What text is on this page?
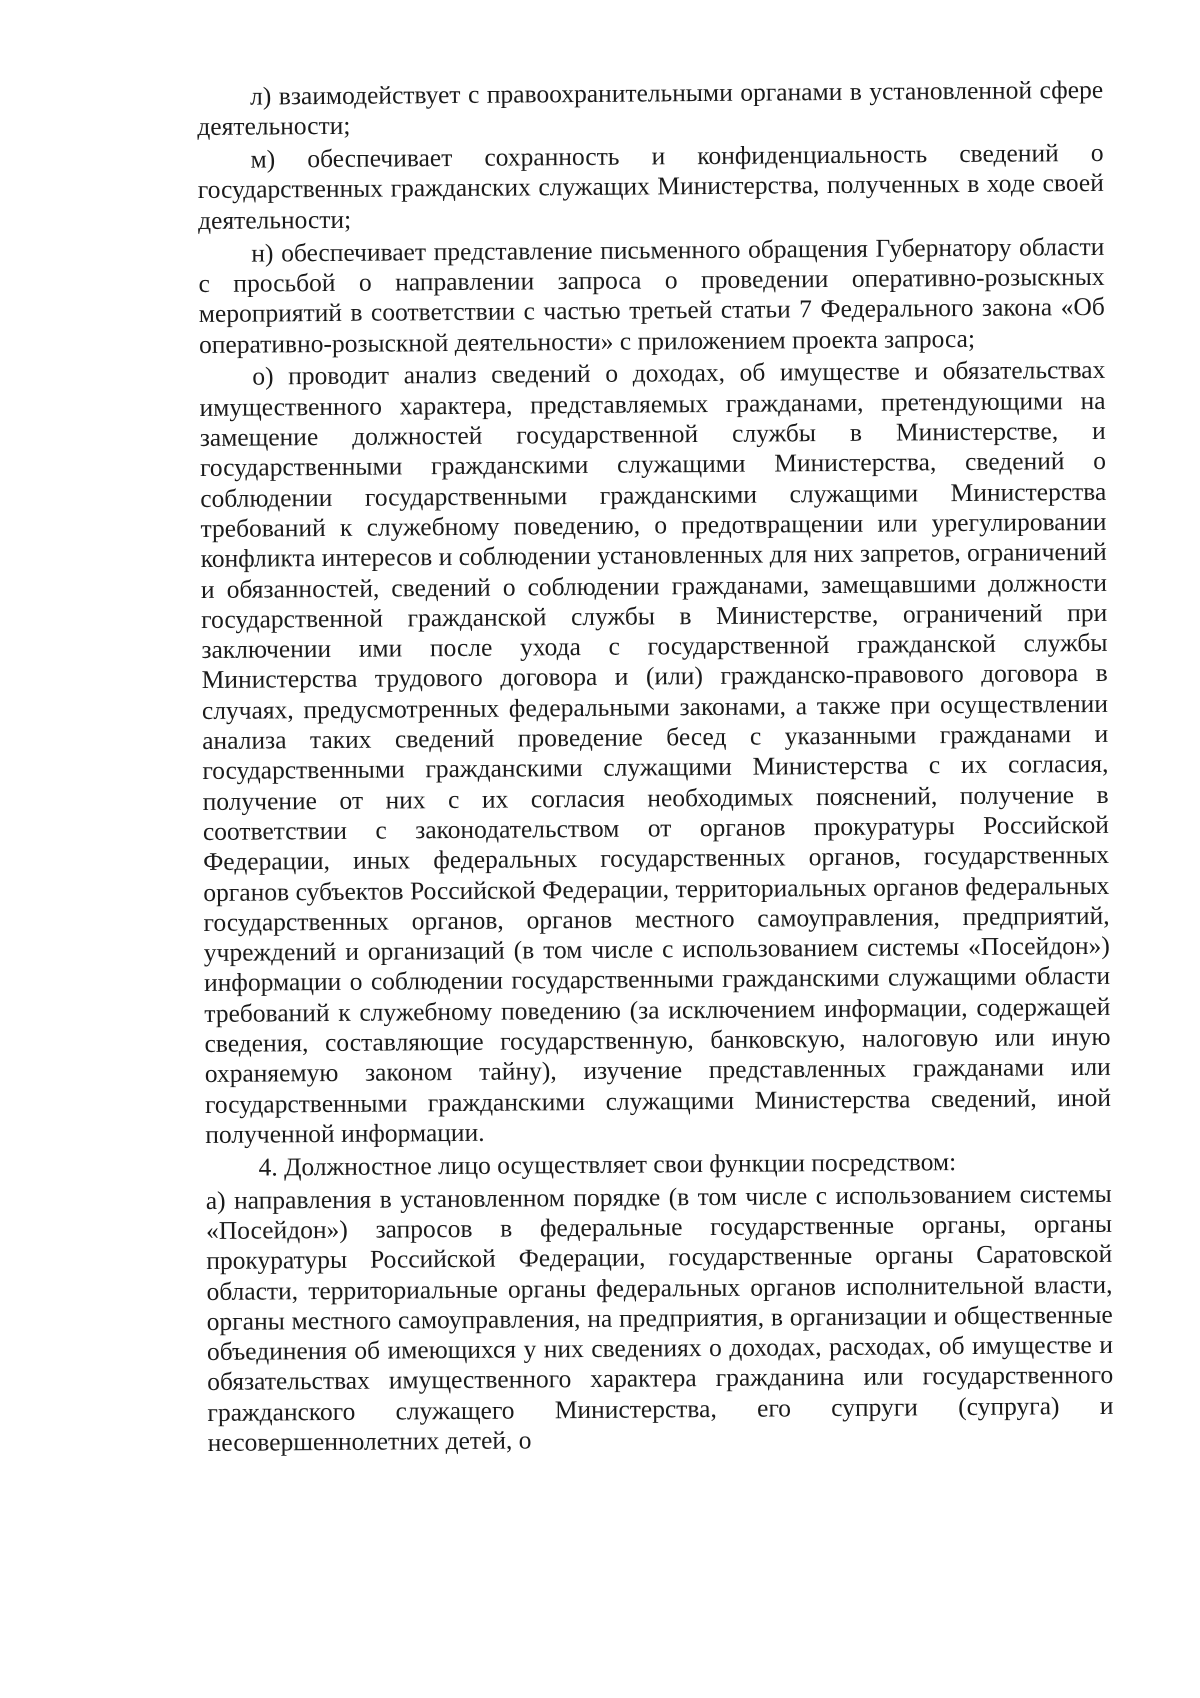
л) взаимодействует с правоохранительными органами в установленной сфере деятельности;

м) обеспечивает сохранность и конфиденциальность сведений о государственных гражданских служащих Министерства, полученных в ходе своей деятельности;

н) обеспечивает представление письменного обращения Губернатору области с просьбой о направлении запроса о проведении оперативно-розыскных мероприятий в соответствии с частью третьей статьи 7 Федерального закона «Об оперативно-розыскной деятельности» с приложением проекта запроса;

о) проводит анализ сведений о доходах, об имуществе и обязательствах имущественного характера, представляемых гражданами, претендующими на замещение должностей государственной службы в Министерстве, и государственными гражданскими служащими Министерства, сведений о соблюдении государственными гражданскими служащими Министерства требований к служебному поведению, о предотвращении или урегулировании конфликта интересов и соблюдении установленных для них запретов, ограничений и обязанностей, сведений о соблюдении гражданами, замещавшими должности государственной гражданской службы в Министерстве, ограничений при заключении ими после ухода с государственной гражданской службы Министерства трудового договора и (или) гражданско-правового договора в случаях, предусмотренных федеральными законами, а также при осуществлении анализа таких сведений проведение бесед с указанными гражданами и государственными гражданскими служащими Министерства с их согласия, получение от них с их согласия необходимых пояснений, получение в соответствии с законодательством от органов прокуратуры Российской Федерации, иных федеральных государственных органов, государственных органов субъектов Российской Федерации, территориальных органов федеральных государственных органов, органов местного самоуправления, предприятий, учреждений и организаций (в том числе с использованием системы «Посейдон») информации о соблюдении государственными гражданскими служащими области требований к служебному поведению (за исключением информации, содержащей сведения, составляющие государственную, банковскую, налоговую или иную охраняемую законом тайну), изучение представленных гражданами или государственными гражданскими служащими Министерства сведений, иной полученной информации.

4. Должностное лицо осуществляет свои функции посредством:

а) направления в установленном порядке (в том числе с использованием системы «Посейдон») запросов в федеральные государственные органы, органы прокуратуры Российской Федерации, государственные органы Саратовской области, территориальные органы федеральных органов исполнительной власти, органы местного самоуправления, на предприятия, в организации и общественные объединения об имеющихся у них сведениях о доходах, расходах, об имуществе и обязательствах имущественного характера гражданина или государственного гражданского служащего Министерства, его супруги (супруга) и несовершеннолетних детей, о
